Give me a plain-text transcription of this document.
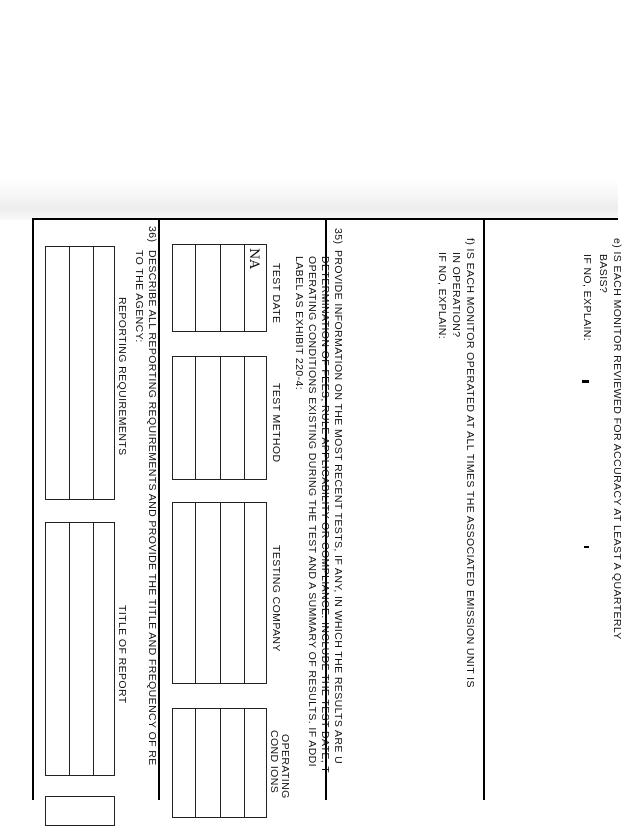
e) IS EACH MONITOR REVIEWED FOR ACCURACY AT LEAST A QUARTERLY
BASIS?
IF NO, EXPLAIN:
f) IS EACH MONITOR OPERATED AT ALL TIMES THE ASSOCIATED EMISSION UNIT IS
IN OPERATION?
IF NO, EXPLAIN:
35)
PROVIDE INFORMATION ON THE MOST RECENT TESTS, IF ANY, IN WHICH THE RESULTS ARE U
DETERMINATION OF FEES, RULE APPLICABILITY OR COMPLIANCE. INCLUDE THE TEST DATE, T
OPERATING CONDITIONS EXISTING DURING THE TEST AND A SUMMARY OF RESULTS. IF ADDI
LABEL AS EXHIBIT 220-4:
TEST DATE
TEST METHOD
TESTING COMPANY
OPERATING
COND IONS
NA
36)
DESCRIBE ALL REPORTING REQUIREMENTS AND PROVIDE THE TITLE AND FREQUENCY OF RE
TO THE AGENCY:
REPORTING REQUIREMENTS
TITLE OF REPORT
